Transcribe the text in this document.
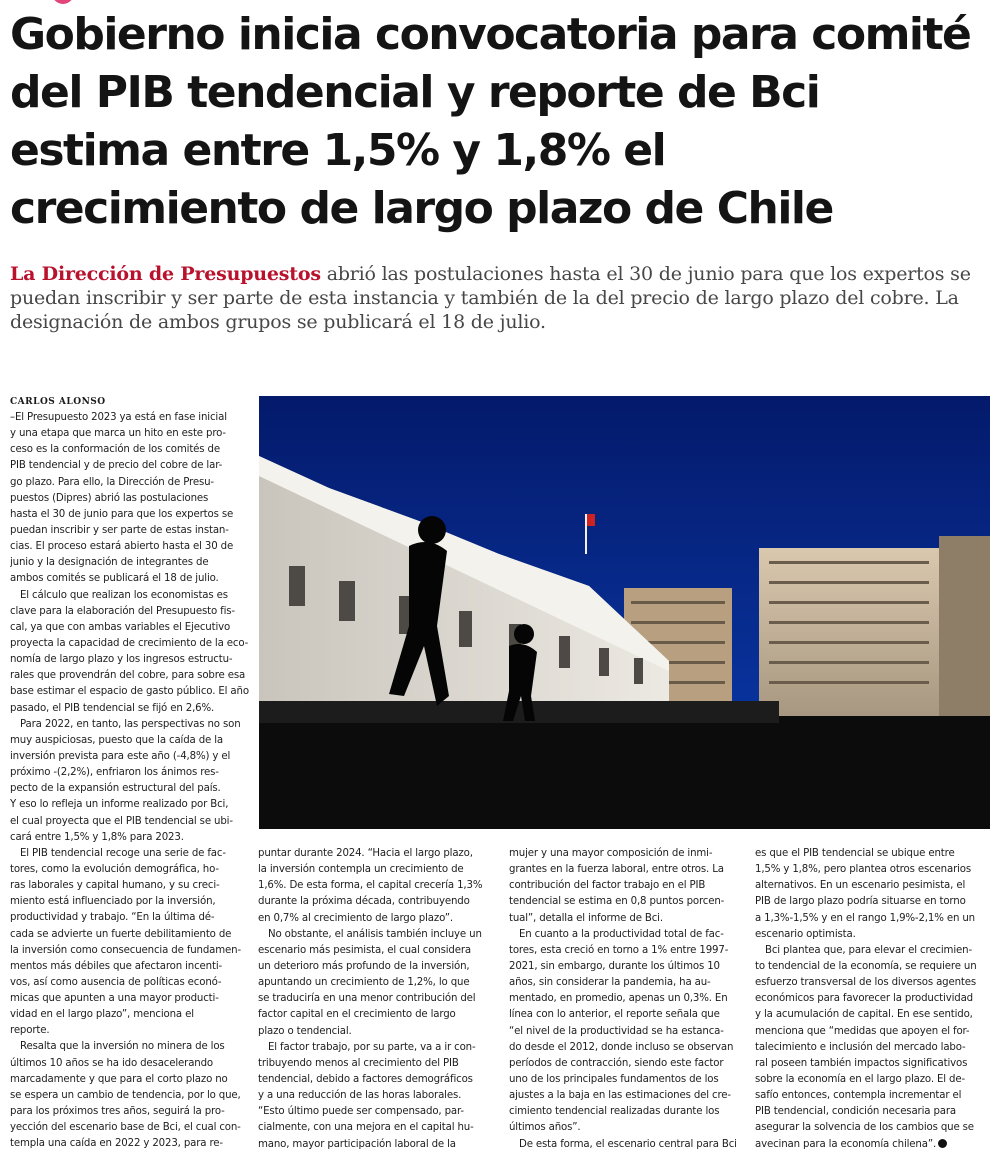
Gobierno inicia convocatoria para comité
del PIB tendencial y reporte de Bci
estima entre 1,5% y 1,8% el
crecimiento de largo plazo de Chile

La Dirección de Presupuestos abrió las postulaciones hasta el 30 de junio para que los expertos se
puedan inscribir y ser parte de esta instancia y también de la del precio de largo plazo del cobre. La
designación de ambos grupos se publicará el 18 de julio.

CARLOS ALONSO

–El Presupuesto 2023 ya está en fase inicial
y una etapa que marca un hito en este pro-
ceso es la conformación de los comités de
PIB tendencial y de precio del cobre de lar-
go plazo. Para ello, la Dirección de Presu-
puestos (Dipres) abrió las postulaciones
hasta el 30 de junio para que los expertos se
puedan inscribir y ser parte de estas instan-
cias. El proceso estará abierto hasta el 30 de
junio y la designación de integrantes de
ambos comités se publicará el 18 de julio.

El cálculo que realizan los economistas es
clave para la elaboración del Presupuesto fis-
cal, ya que con ambas variables el Ejecutivo
proyecta la capacidad de crecimiento de la eco-
nomía de largo plazo y los ingresos estructu-
rales que provendrán del cobre, para sobre esa
base estimar el espacio de gasto público. El año
pasado, el PIB tendencial se fijó en 2,6%.

Para 2022, en tanto, las perspectivas no son
muy auspiciosas, puesto que la caída de la
inversión prevista para este año (-4,8%) y el
próximo -(2,2%), enfriaron los ánimos res-
pecto de la expansión estructural del país.
Y eso lo refleja un informe realizado por Bci,
el cual proyecta que el PIB tendencial se ubi-
cará entre 1,5% y 1,8% para 2023.

El PIB tendencial recoge una serie de fac-
tores, como la evolución demográfica, ho-
ras laborales y capital humano, y su creci-
miento está influenciado por la inversión,
productividad y trabajo. “En la última dé-
cada se advierte un fuerte debilitamiento de
la inversión como consecuencia de fundamen-
mentos más débiles que afectaron incenti-
vos, así como ausencia de políticas econó-
micas que apunten a una mayor producti-
vidad en el largo plazo”, menciona el
reporte.

Resalta que la inversión no minera de los
últimos 10 años se ha ido desacelerando
marcadamente y que para el corto plazo no
se espera un cambio de tendencia, por lo que,
para los próximos tres años, seguirá la pro-
yección del escenario base de Bci, el cual con-
templa una caída en 2022 y 2023, para re-

puntar durante 2024. “Hacia el largo plazo,
la inversión contempla un crecimiento de
1,6%. De esta forma, el capital crecería 1,3%
durante la próxima década, contribuyendo
en 0,7% al crecimiento de largo plazo”.

No obstante, el análisis también incluye un
escenario más pesimista, el cual considera
un deterioro más profundo de la inversión,
apuntando un crecimiento de 1,2%, lo que
se traduciría en una menor contribución del
factor capital en el crecimiento de largo
plazo o tendencial.

El factor trabajo, por su parte, va a ir con-
tribuyendo menos al crecimiento del PIB
tendencial, debido a factores demográficos
y a una reducción de las horas laborales.
“Esto último puede ser compensado, par-
cialmente, con una mejora en el capital hu-
mano, mayor participación laboral de la

mujer y una mayor composición de inmi-
grantes en la fuerza laboral, entre otros. La
contribución del factor trabajo en el PIB
tendencial se estima en 0,8 puntos porcen-
tual”, detalla el informe de Bci.

En cuanto a la productividad total de fac-
tores, esta creció en torno a 1% entre 1997-
2021, sin embargo, durante los últimos 10
años, sin considerar la pandemia, ha au-
mentado, en promedio, apenas un 0,3%. En
línea con lo anterior, el reporte señala que
“el nivel de la productividad se ha estanca-
do desde el 2012, donde incluso se observan
períodos de contracción, siendo este factor
uno de los principales fundamentos de los
ajustes a la baja en las estimaciones del cre-
cimiento tendencial realizadas durante los
últimos años”.

De esta forma, el escenario central para Bci

es que el PIB tendencial se ubique entre
1,5% y 1,8%, pero plantea otros escenarios
alternativos. En un escenario pesimista, el
PIB de largo plazo podría situarse en torno
a 1,3%-1,5% y en el rango 1,9%-2,1% en un
escenario optimista.

Bci plantea que, para elevar el crecimien-
to tendencial de la economía, se requiere un
esfuerzo transversal de los diversos agentes
económicos para favorecer la productividad
y la acumulación de capital. En ese sentido,
menciona que “medidas que apoyen el for-
talecimiento e inclusión del mercado labo-
ral poseen también impactos significativos
sobre la economía en el largo plazo. El de-
safío entonces, contempla incrementar el
PIB tendencial, condición necesaria para
asegurar la solvencia de los cambios que se
avecinan para la economía chilena”.
